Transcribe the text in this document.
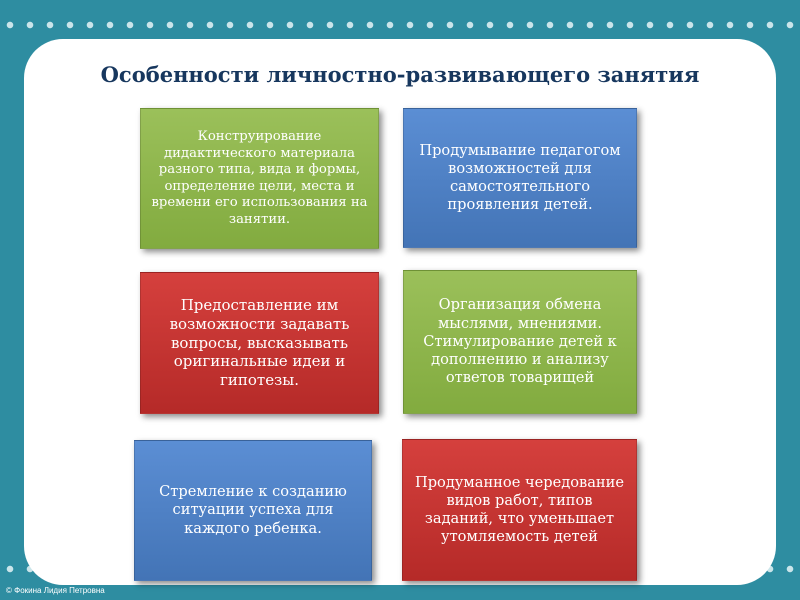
Особенности личностно-развивающего занятия
Конструирование дидактического материала разного типа, вида и формы, определение цели, места и времени его использования на занятии.
Продумывание педагогом возможностей для самостоятельного проявления детей.
Предоставление им возможности задавать вопросы, высказывать оригинальные идеи и гипотезы.
Организация обмена мыслями, мнениями. Стимулирование детей к дополнению и анализу ответов товарищей
Стремление к созданию ситуации успеха для каждого ребенка.
Продуманное чередование видов работ, типов заданий, что уменьшает утомляемость детей
© Фокина Лидия Петровна
